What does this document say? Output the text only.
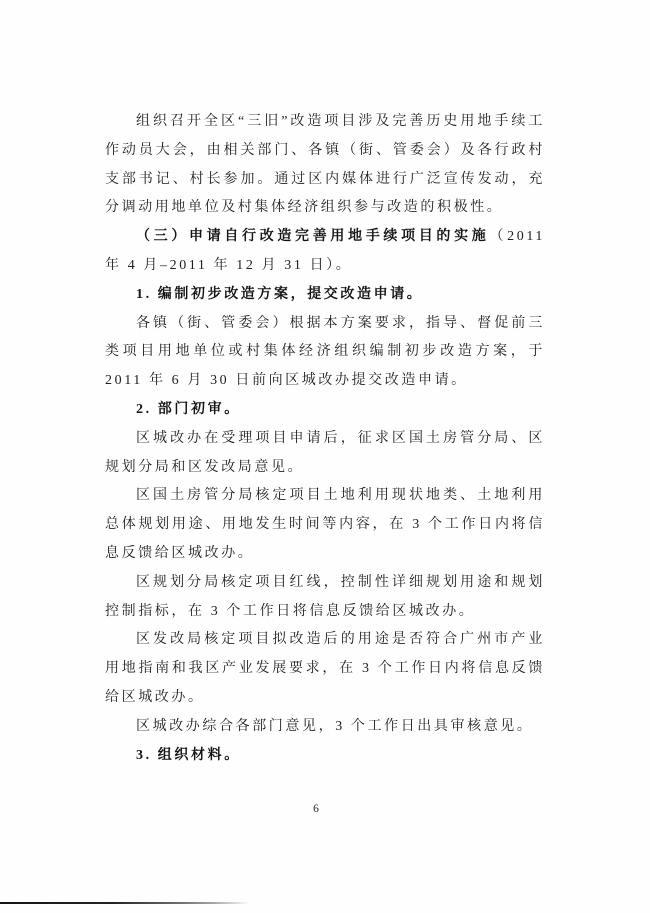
组织召开全区“三旧”改造项目涉及完善历史用地手续工作动员大会，由相关部门、各镇（街、管委会）及各行政村支部书记、村长参加。通过区内媒体进行广泛宣传发动，充分调动用地单位及村集体经济组织参与改造的积极性。

（三）申请自行改造完善用地手续项目的实施（2011 年 4 月–2011 年 12 月 31 日）。

1. 编制初步改造方案，提交改造申请。

各镇（街、管委会）根据本方案要求，指导、督促前三类项目用地单位或村集体经济组织编制初步改造方案，于 2011 年 6 月 30 日前向区城改办提交改造申请。

2. 部门初审。

区城改办在受理项目申请后，征求区国土房管分局、区规划分局和区发改局意见。

区国土房管分局核定项目土地利用现状地类、土地利用总体规划用途、用地发生时间等内容，在 3 个工作日内将信息反馈给区城改办。

区规划分局核定项目红线，控制性详细规划用途和规划控制指标，在 3 个工作日将信息反馈给区城改办。

区发改局核定项目拟改造后的用途是否符合广州市产业用地指南和我区产业发展要求，在 3 个工作日内将信息反馈给区城改办。

区城改办综合各部门意见，3 个工作日出具审核意见。

3. 组织材料。

6
